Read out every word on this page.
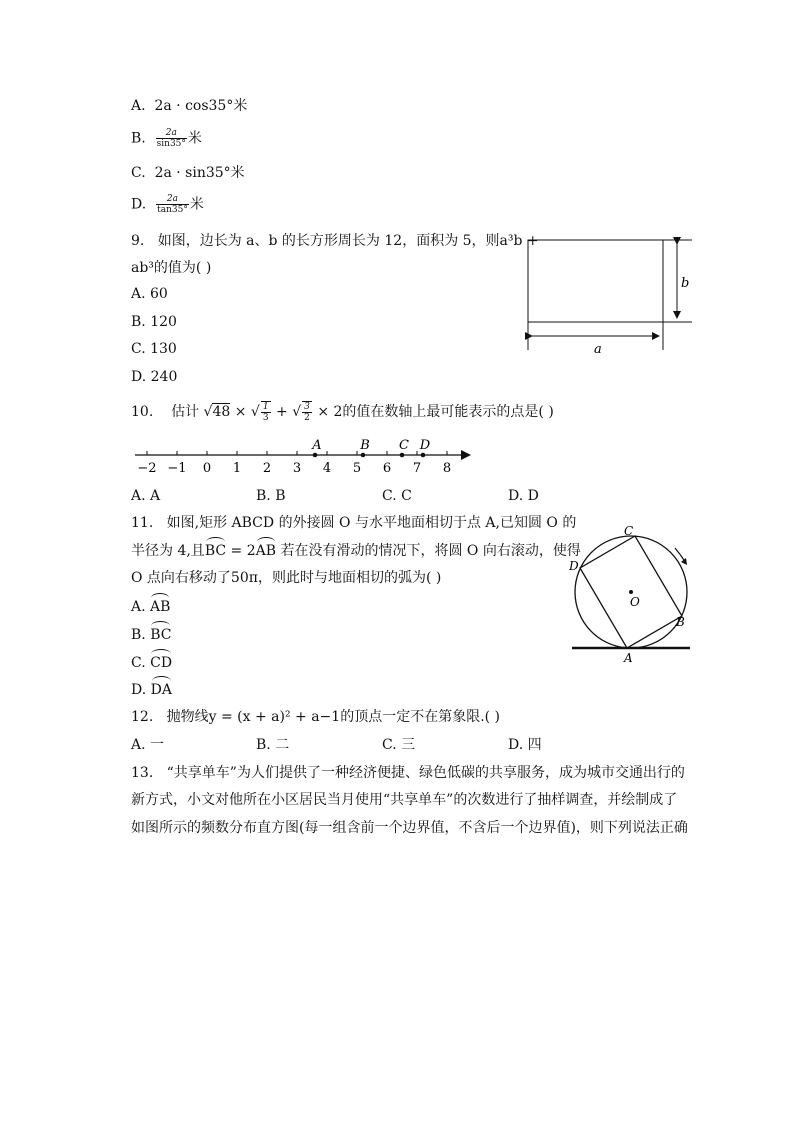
A. 2a · cos35°米
B. $\frac{2a}{\sin 35^\circ}$ 米
C. 2a · sin35°米
D. $\frac{2a}{\tan 35^\circ}$ 米
9. 如图，边长为 a、b 的长方形周长为 12，面积为 5，则a³b +
ab³的值为( )
A. 60
B. 120
C. 130
D. 240
b
a
10. 估计 √48 × √ $\frac{1}{3}$ + √ $\frac{3}{2} \times 2$的值在数轴上最可能表示的点是( )
−2 −1 0 1 2 3 4 5 6 7 8
A	B C D
A. A	B. B	C. C	D. D
11. 如图,矩形 ABCD 的外接圆 O 与水平地面相切于点 A,已知圆 O 的
半径为 4,且BC = 2AB 若在没有滑动的情况下，将圆 O 向右滚动，使得
O 点向右移动了50π，则此时与地面相切的弧为( )
A. AB
B. BC
C. CD
D. DA
C
D
O
B
A
12. 抛物线y = (x + a)² + a−1的顶点一定不在第象限.( )
A. 一	B. 二	C. 三	D. 四
13. “共享单车”为人们提供了一种经济便捷、绿色低碳的共享服务，成为城市交通出行的
新方式，小文对他所在小区居民当月使用“共享单车”的次数进行了抽样调查，并绘制成了
如图所示的频数分布直方图(每一组含前一个边界值，不含后一个边界值)，则下列说法正确
